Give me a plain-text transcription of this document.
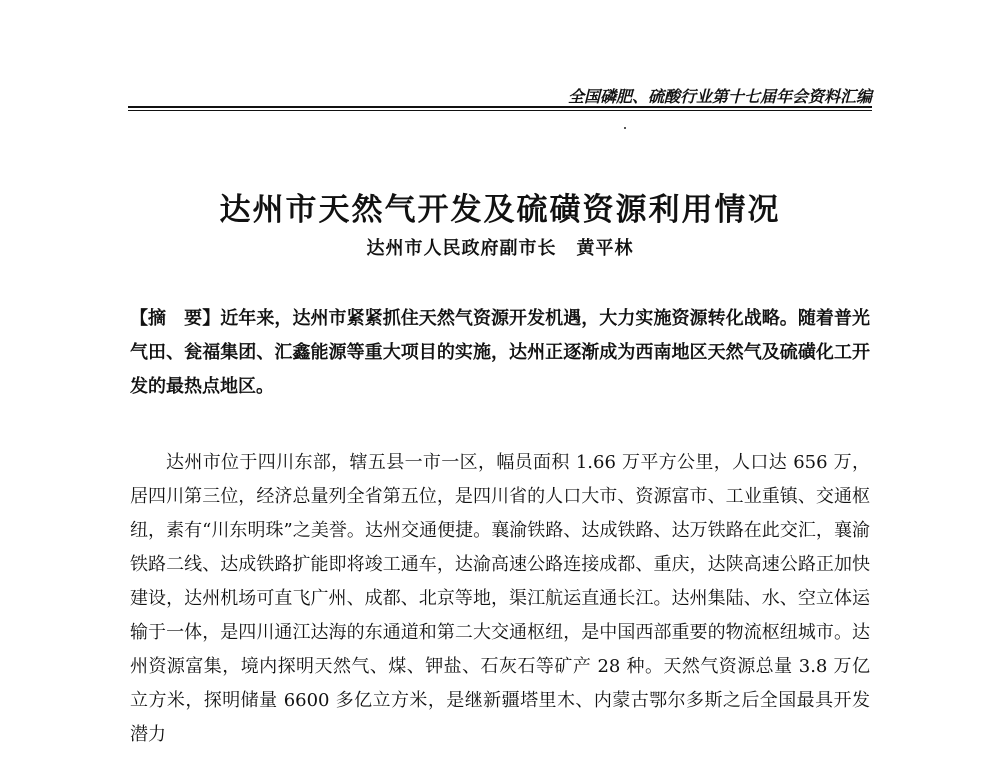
全国磷肥、硫酸行业第十七届年会资料汇编
达州市天然气开发及硫磺资源利用情况
达州市人民政府副市长 黄平林
【摘　要】近年来，达州市紧紧抓住天然气资源开发机遇，大力实施资源转化战略。随着普光气田、瓮福集团、汇鑫能源等重大项目的实施，达州正逐渐成为西南地区天然气及硫磺化工开发的最热点地区。
达州市位于四川东部，辖五县一市一区，幅员面积 1.66 万平方公里，人口达 656 万，居四川第三位，经济总量列全省第五位，是四川省的人口大市、资源富市、工业重镇、交通枢纽，素有“川东明珠”之美誉。达州交通便捷。襄渝铁路、达成铁路、达万铁路在此交汇，襄渝铁路二线、达成铁路扩能即将竣工通车，达渝高速公路连接成都、重庆，达陕高速公路正加快建设，达州机场可直飞广州、成都、北京等地，渠江航运直通长江。达州集陆、水、空立体运输于一体，是四川通江达海的东通道和第二大交通枢纽，是中国西部重要的物流枢纽城市。达州资源富集，境内探明天然气、煤、钾盐、石灰石等矿产 28 种。天然气资源总量 3.8 万亿立方米，探明储量 6600 多亿立方米，是继新疆塔里木、内蒙古鄂尔多斯之后全国最具开发潜力
